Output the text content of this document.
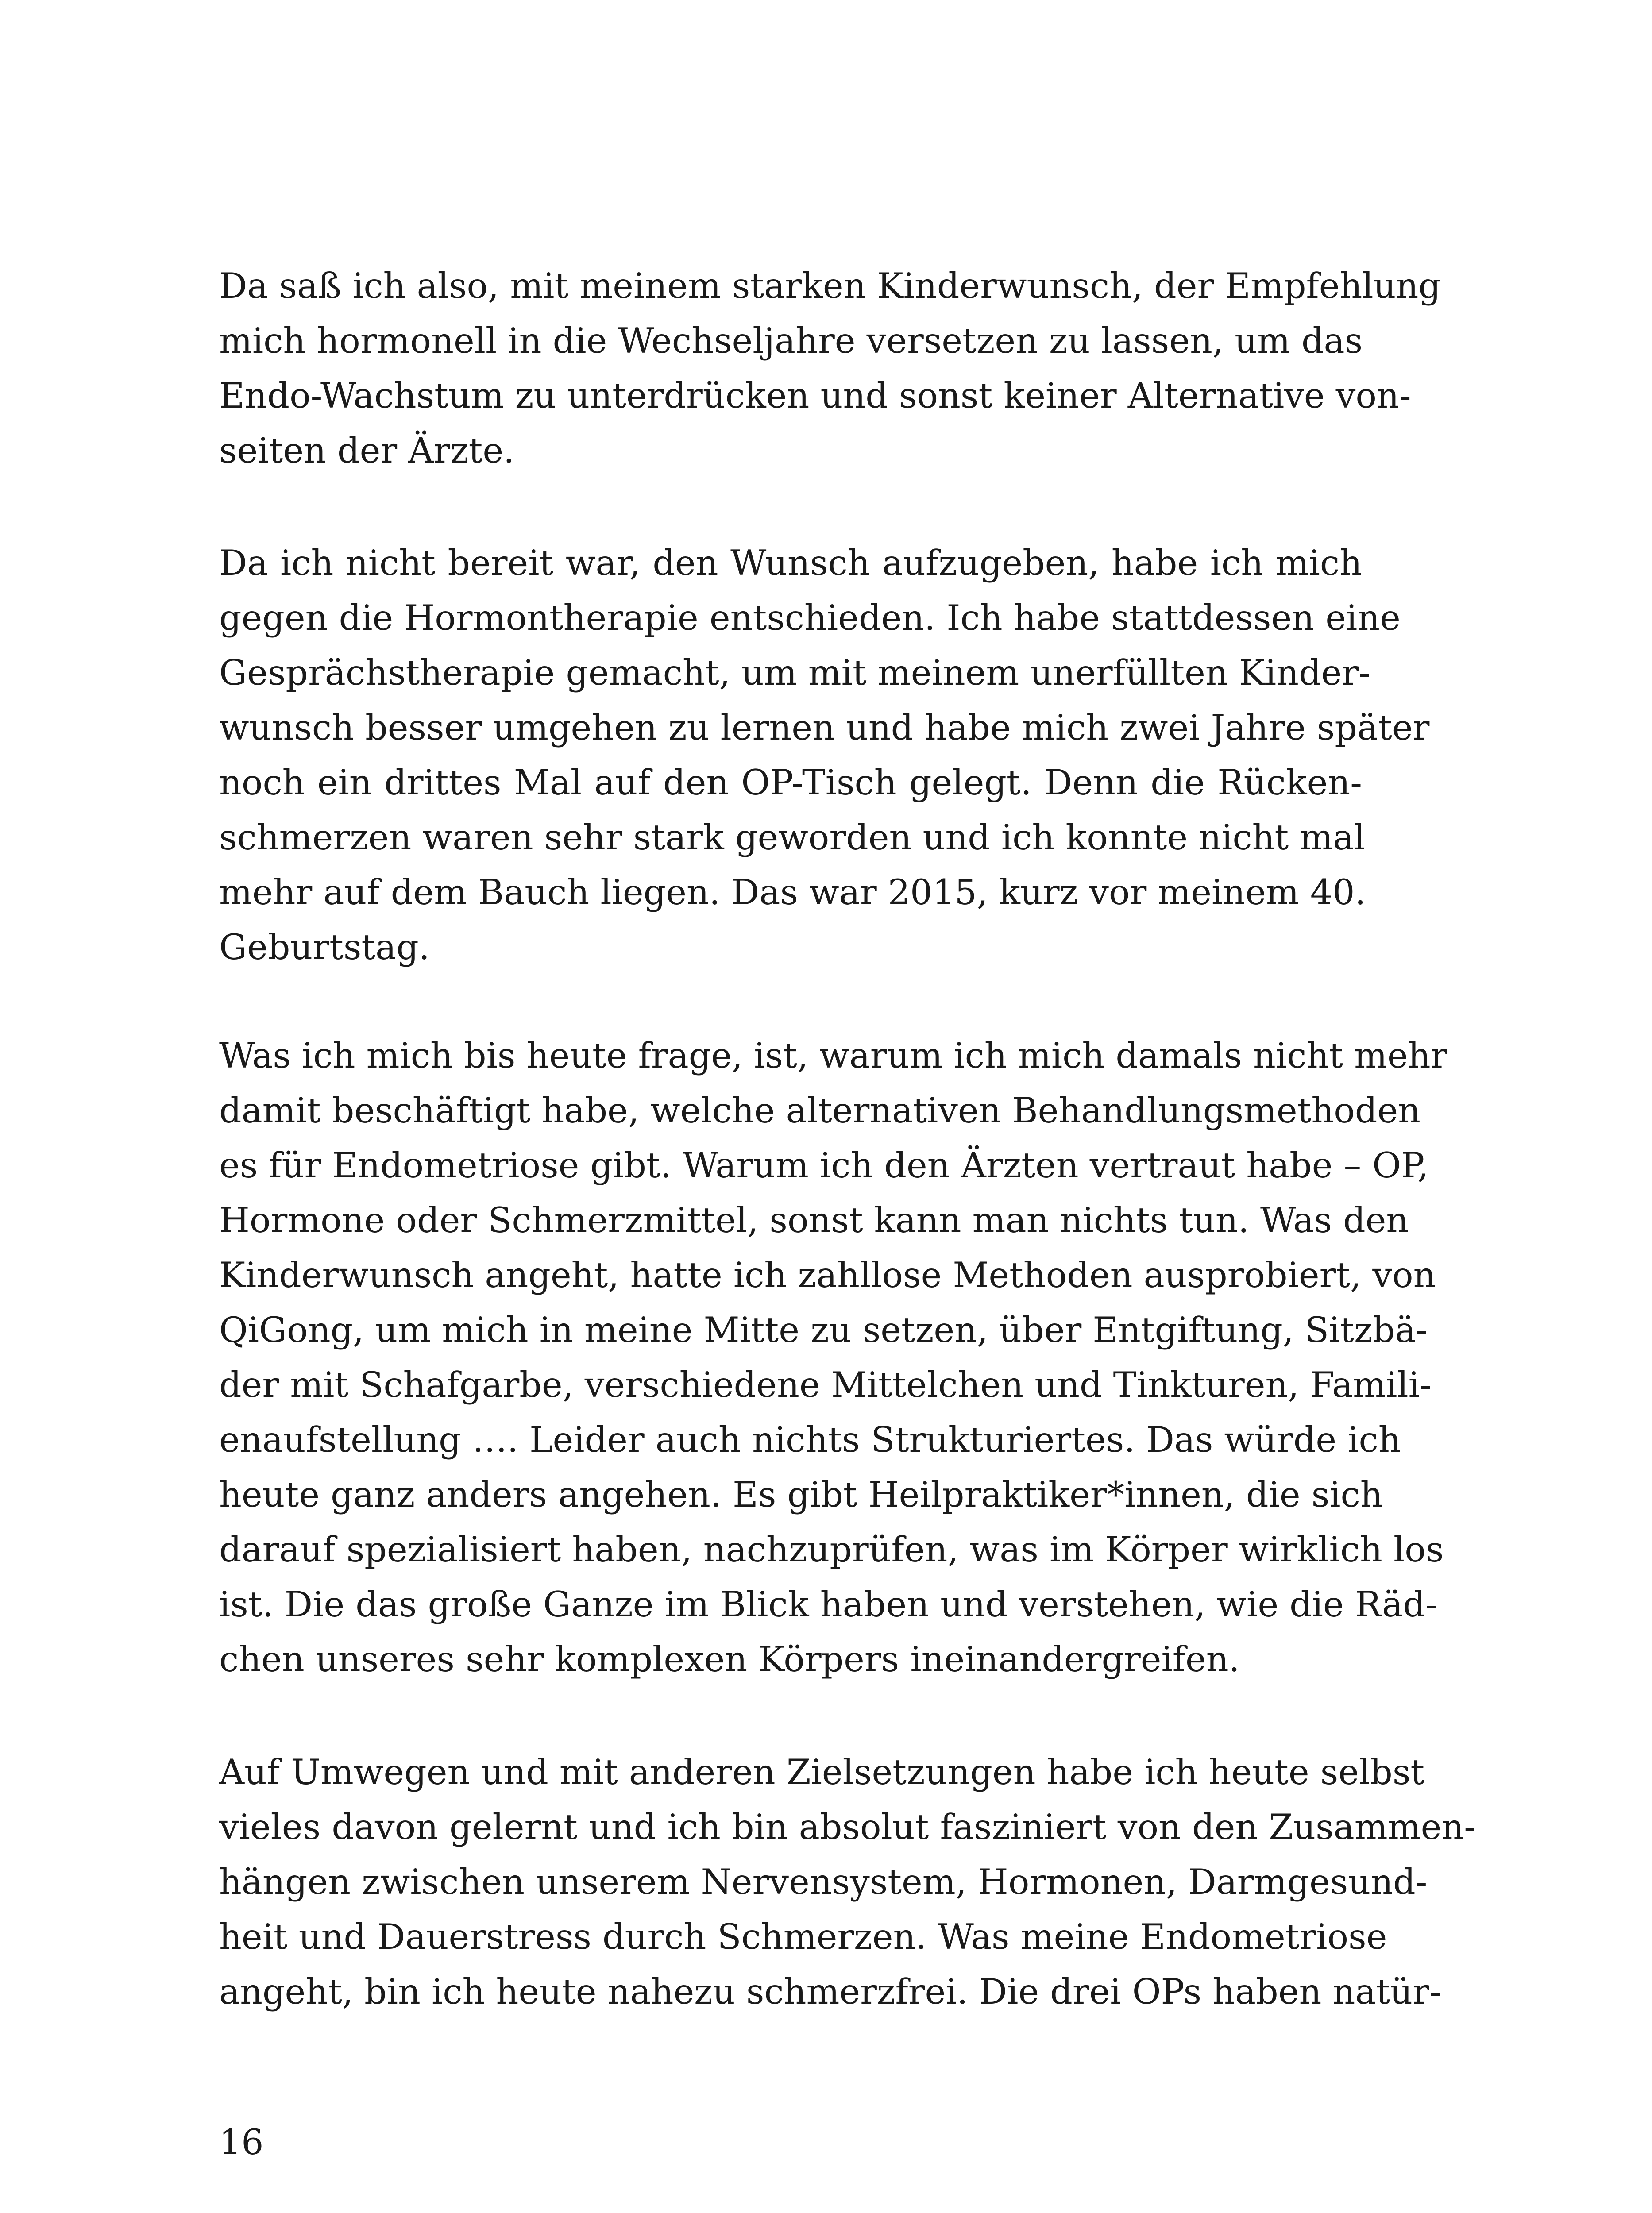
Da saß ich also, mit meinem starken Kinderwunsch, der Empfehlung
mich hormonell in die Wechseljahre versetzen zu lassen, um das
Endo-Wachstum zu unterdrücken und sonst keiner Alternative von-
seiten der Ärzte.
Da ich nicht bereit war, den Wunsch aufzugeben, habe ich mich
gegen die Hormontherapie entschieden. Ich habe stattdessen eine
Gesprächstherapie gemacht, um mit meinem unerfüllten Kinder-
wunsch besser umgehen zu lernen und habe mich zwei Jahre später
noch ein drittes Mal auf den OP-Tisch gelegt. Denn die Rücken-
schmerzen waren sehr stark geworden und ich konnte nicht mal
mehr auf dem Bauch liegen. Das war 2015, kurz vor meinem 40.
Geburtstag.
Was ich mich bis heute frage, ist, warum ich mich damals nicht mehr
damit beschäftigt habe, welche alternativen Behandlungsmethoden
es für Endometriose gibt. Warum ich den Ärzten vertraut habe – OP,
Hormone oder Schmerzmittel, sonst kann man nichts tun. Was den
Kinderwunsch angeht, hatte ich zahllose Methoden ausprobiert, von
QiGong, um mich in meine Mitte zu setzen, über Entgiftung, Sitzbä-
der mit Schafgarbe, verschiedene Mittelchen und Tinkturen, Famili-
enaufstellung …. Leider auch nichts Strukturiertes. Das würde ich
heute ganz anders angehen. Es gibt Heilpraktiker*innen, die sich
darauf spezialisiert haben, nachzuprüfen, was im Körper wirklich los
ist. Die das große Ganze im Blick haben und verstehen, wie die Räd-
chen unseres sehr komplexen Körpers ineinandergreifen.
Auf Umwegen und mit anderen Zielsetzungen habe ich heute selbst
vieles davon gelernt und ich bin absolut fasziniert von den Zusammen-
hängen zwischen unserem Nervensystem, Hormonen, Darmgesund-
heit und Dauerstress durch Schmerzen. Was meine Endometriose
angeht, bin ich heute nahezu schmerzfrei. Die drei OPs haben natür-
16
